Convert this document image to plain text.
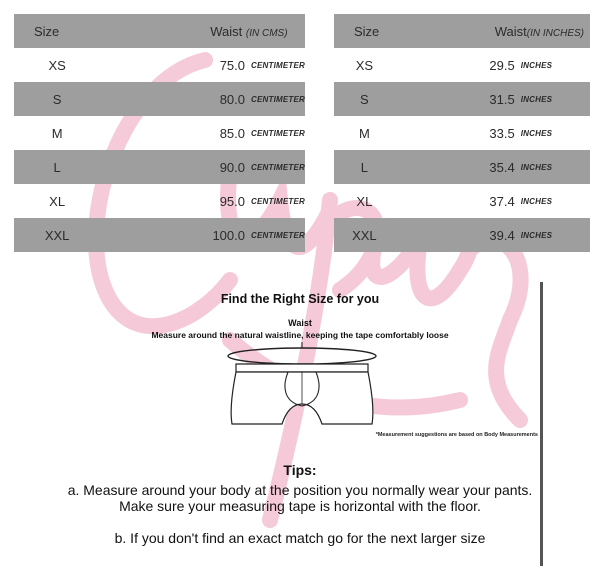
Size	Waist (IN CMS)	
XS	75.0	CENTIMETER
S	80.0	CENTIMETER
M	85.0	CENTIMETER
L	90.0	CENTIMETER
XL	95.0	CENTIMETER
XXL	100.0	CENTIMETER
Size	Waist(IN INCHES)	
XS	29.5	INCHES
S	31.5	INCHES
M	33.5	INCHES
L	35.4	INCHES
XL	37.4	INCHES
XXL	39.4	INCHES
Find the Right Size for you
Waist
Measure around the natural waistline, keeping the tape comfortably loose
*Measurement suggestions are based on Body Measurements
Tips:
a. Measure around your body at the position you normally wear your pants. Make sure your measuring tape is horizontal with the floor.
b. If you don't find an exact match go for the next larger size
